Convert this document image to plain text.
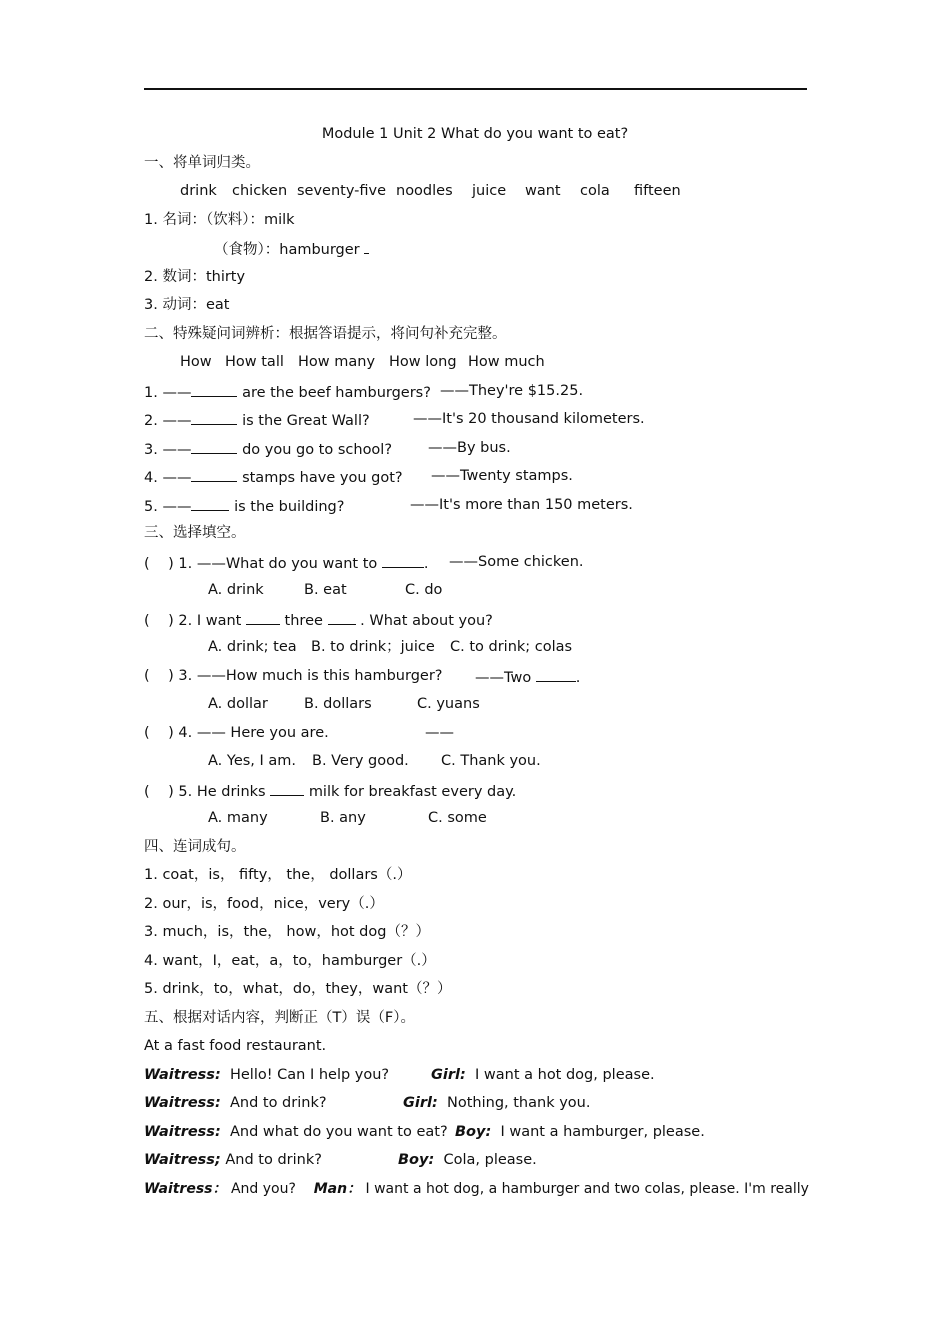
Module 1 Unit 2 What do you want to eat?
一、将单词归类。
drink chicken seventy-five noodles juice want cola fifteen
1. 名词：（饮料）：milk
（食物）：hamburger
2. 数词：thirty
3. 动词：eat
二、特殊疑问词辨析：根据答语提示，将问句补充完整。
How How tall How many How long How much
1. ——	are the beef hamburgers? ——They're $15.25.
2. ——	is the Great Wall?	——It's 20 thousand kilometers.
3. ——	do you go to school? ——By bus.
4. ——	stamps have you got? ——Twenty stamps.
5. ——	is the building?	——It's more than 150 meters.
三、选择填空。
(    ) 1. ——What do you want to	. ——Some chicken.
A. drink	B. eat	C. do
(    ) 2. I want	three	. What about you?
A. drink; tea B. to drink；juice C. to drink; colas
(    ) 3. ——How much is this hamburger? ——Two	.
A. dollar B. dollars	C. yuans
(    ) 4. —— Here you are.	——
A. Yes, I am. B. Very good. C. Thank you.
(    ) 5. He drinks	milk for breakfast every day.
A. many	B. any	C. some
四、连词成句。
1. coat，is， fifty， the， dollars（.）
2. our，is，food，nice，very（.）
3. much，is，the， how，hot dog（？）
4. want，I，eat，a，to，hamburger（.）
5. drink，to，what，do，they，want（？）
五、根据对话内容，判断正（T）误（F）。
At a fast food restaurant.
Waitress: Hello! Can I help you?	Girl: I want a hot dog, please.
Waitress: And to drink?	Girl: Nothing, thank you.
Waitress: And what do you want to eat? Boy: I want a hamburger, please.
Waitress; And to drink?	Boy: Cola, please.
Waitress： And you? Man： I want a hot dog, a hamburger and two colas, please. I'm really
